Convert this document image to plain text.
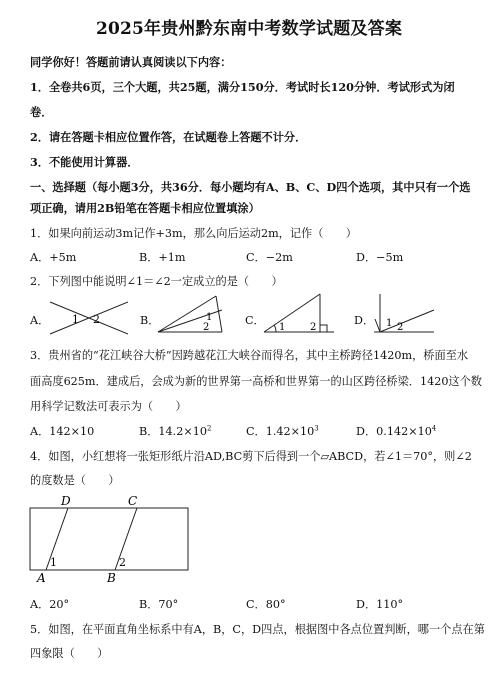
2025年贵州黔东南中考数学试题及答案
同学你好！答题前请认真阅读以下内容：
1．全卷共6页，三个大题，共25题，满分150分．考试时长120分钟．考试形式为闭
卷．
2．请在答题卡相应位置作答，在试题卷上答题不计分．
3．不能使用计算器．
一、选择题（每小题3分，共36分．每小题均有A、B、C、D四个选项，其中只有一个选
项正确，请用2B铅笔在答题卡相应位置填涂）
1．如果向前运动3m记作+3m，那么向后运动2m，记作（　　）
A．+5m	B．+1m	C．−2m	D．−5m
2．下列图中能说明∠1＝∠2一定成立的是（　　）
A． 1 2	B．	1
2
C．
1 2
D． 1 2
3．贵州省的“花江峡谷大桥”因跨越花江大峡谷而得名，其中主桥跨径1420m，桥面至水
面高度625m．建成后，会成为新的世界第一高桥和世界第一的山区跨径桥梁．1420这个数
用科学记数法可表示为（　　）
A．142×10	B．$14.2\times 10^2$	C．$1.42\times 10^3$	D．$0.142\times 10^4$
4．如图，小红想将一张矩形纸片沿AD,BC剪下后得到一个▱ABCD，若∠1＝70°，则∠2
的度数是（　　）
D	C
A	B
1	2
A．20°	B．70°	C．80°	D．110°
5．如图，在平面直角坐标系中有A，B，C，D四点，根据图中各点位置判断，哪一个点在第
四象限（　　）
